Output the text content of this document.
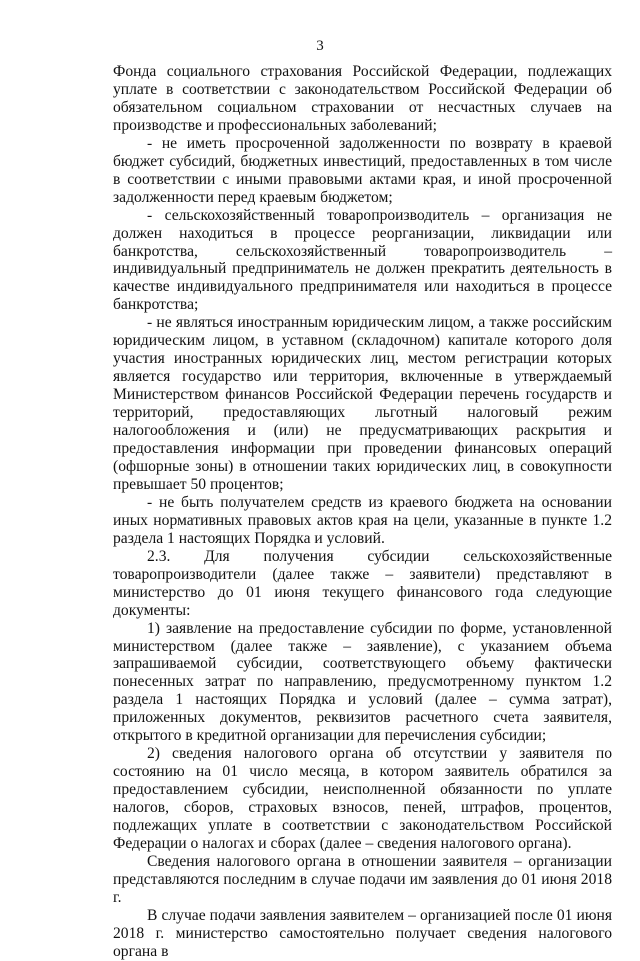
3

Фонда социального страхования Российской Федерации, подлежащих уплате в соответствии с законодательством Российской Федерации об обязательном социальном страховании от несчастных случаев на производстве и профессиональных заболеваний;

- не иметь просроченной задолженности по возврату в краевой бюджет субсидий, бюджетных инвестиций, предоставленных в том числе в соответствии с иными правовыми актами края, и иной просроченной задолженности перед краевым бюджетом;

- сельскохозяйственный товаропроизводитель – организация не должен находиться в процессе реорганизации, ликвидации или банкротства, сельскохозяйственный товаропроизводитель – индивидуальный предприниматель не должен прекратить деятельность в качестве индивидуального предпринимателя или находиться в процессе банкротства;

- не являться иностранным юридическим лицом, а также российским юридическим лицом, в уставном (складочном) капитале которого доля участия иностранных юридических лиц, местом регистрации которых является государство или территория, включенные в утверждаемый Министерством финансов Российской Федерации перечень государств и территорий, предоставляющих льготный налоговый режим налогообложения и (или) не предусматривающих раскрытия и предоставления информации при проведении финансовых операций (офшорные зоны) в отношении таких юридических лиц, в совокупности превышает 50 процентов;

- не быть получателем средств из краевого бюджета на основании иных нормативных правовых актов края на цели, указанные в пункте 1.2 раздела 1 настоящих Порядка и условий.

2.3. Для получения субсидии сельскохозяйственные товаропроизводители (далее также – заявители) представляют в министерство до 01 июня текущего финансового года следующие документы:

1) заявление на предоставление субсидии по форме, установленной министерством (далее также – заявление), с указанием объема запрашиваемой субсидии, соответствующего объему фактически понесенных затрат по направлению, предусмотренному пунктом 1.2 раздела 1 настоящих Порядка и условий (далее – сумма затрат), приложенных документов, реквизитов расчетного счета заявителя, открытого в кредитной организации для перечисления субсидии;

2) сведения налогового органа об отсутствии у заявителя по состоянию на 01 число месяца, в котором заявитель обратился за предоставлением субсидии, неисполненной обязанности по уплате налогов, сборов, страховых взносов, пеней, штрафов, процентов, подлежащих уплате в соответствии с законодательством Российской Федерации о налогах и сборах (далее – сведения налогового органа).

Сведения налогового органа в отношении заявителя – организации представляются последним в случае подачи им заявления до 01 июня 2018 г.

В случае подачи заявления заявителем – организацией после 01 июня 2018 г. министерство самостоятельно получает сведения налогового органа в
